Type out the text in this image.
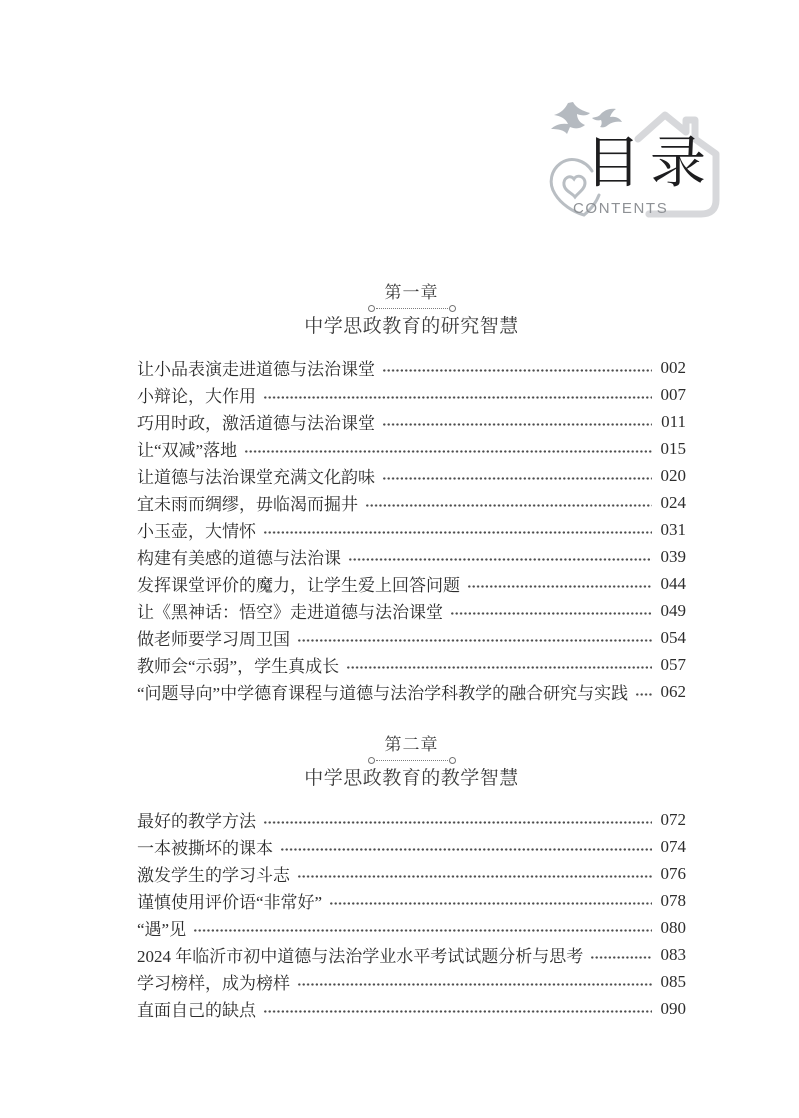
目录
CONTENTS
第一章
中学思政教育的研究智慧
让小品表演走进道德与法治课堂	002
小辩论，大作用	007
巧用时政，激活道德与法治课堂	011
让“双减”落地	015
让道德与法治课堂充满文化韵味	020
宜未雨而绸缪，毋临渴而掘井	024
小玉壶，大情怀	031
构建有美感的道德与法治课	039
发挥课堂评价的魔力，让学生爱上回答问题	044
让《黑神话：悟空》走进道德与法治课堂	049
做老师要学习周卫国	054
教师会“示弱”，学生真成长	057
“问题导向”中学德育课程与道德与法治学科教学的融合研究与实践 062
第二章
中学思政教育的教学智慧
最好的教学方法	072
一本被撕坏的课本	074
激发学生的学习斗志	076
谨慎使用评价语“非常好”	078
“遇”见	080
2024 年临沂市初中道德与法治学业水平考试试题分析与思考	083
学习榜样，成为榜样	085
直面自己的缺点	090
